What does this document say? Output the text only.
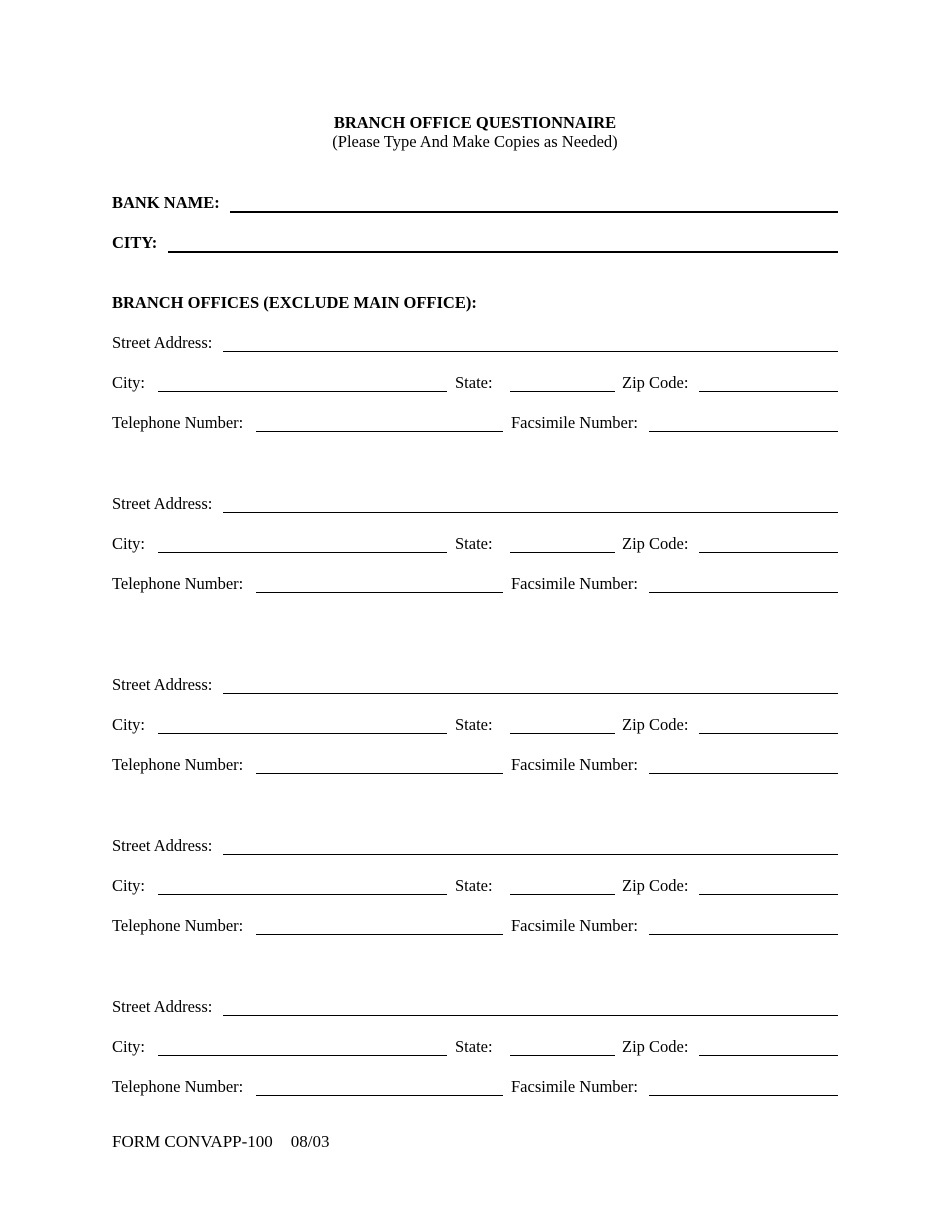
BRANCH OFFICE QUESTIONNAIRE
(Please Type And Make Copies as Needed)
BANK NAME:
CITY:
BRANCH OFFICES (EXCLUDE MAIN OFFICE):
Street Address:
City:	State:	Zip Code:
Telephone Number:	Facsimile Number:
Street Address:
City:	State:	Zip Code:
Telephone Number:	Facsimile Number:
Street Address:
City:	State:	Zip Code:
Telephone Number:	Facsimile Number:
Street Address:
City:	State:	Zip Code:
Telephone Number:	Facsimile Number:
Street Address:
City:	State:	Zip Code:
Telephone Number:	Facsimile Number:
FORM CONVAPP-100 08/03
